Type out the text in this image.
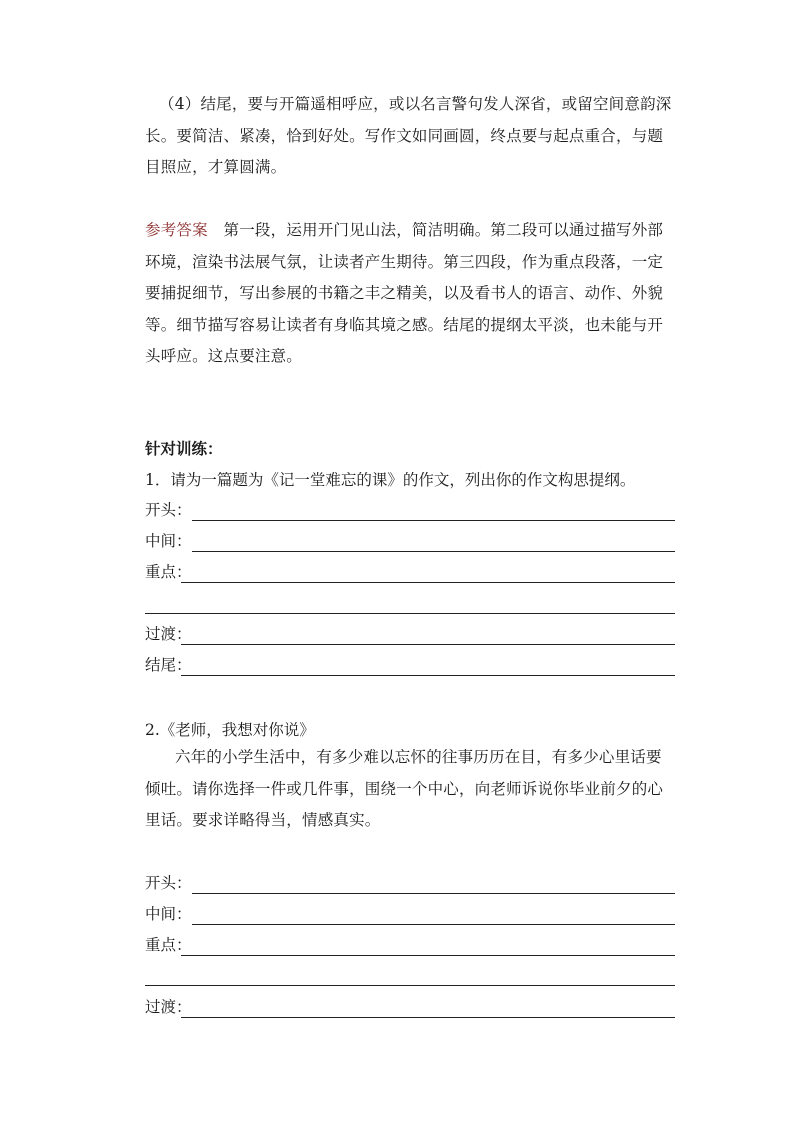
（4）结尾，要与开篇遥相呼应，或以名言警句发人深省，或留空间意韵深长。要简洁、紧凑，恰到好处。写作文如同画圆，终点要与起点重合，与题目照应，才算圆满。

参考答案　第一段，运用开门见山法，简洁明确。第二段可以通过描写外部环境，渲染书法展气氛，让读者产生期待。第三四段，作为重点段落，一定要捕捉细节，写出参展的书籍之丰之精美，以及看书人的语言、动作、外貌等。细节描写容易让读者有身临其境之感。结尾的提纲太平淡，也未能与开头呼应。这点要注意。

针对训练：
1．请为一篇题为《记一堂难忘的课》的作文，列出你的作文构思提纲。
开头：
中间：
重点：
过渡：
结尾：
2.《老师，我想对你说》

六年的小学生活中，有多少难以忘怀的往事历历在目，有多少心里话要倾吐。请你选择一件或几件事，围绕一个中心，向老师诉说你毕业前夕的心里话。要求详略得当，情感真实。

开头：
中间：
重点：
过渡：
